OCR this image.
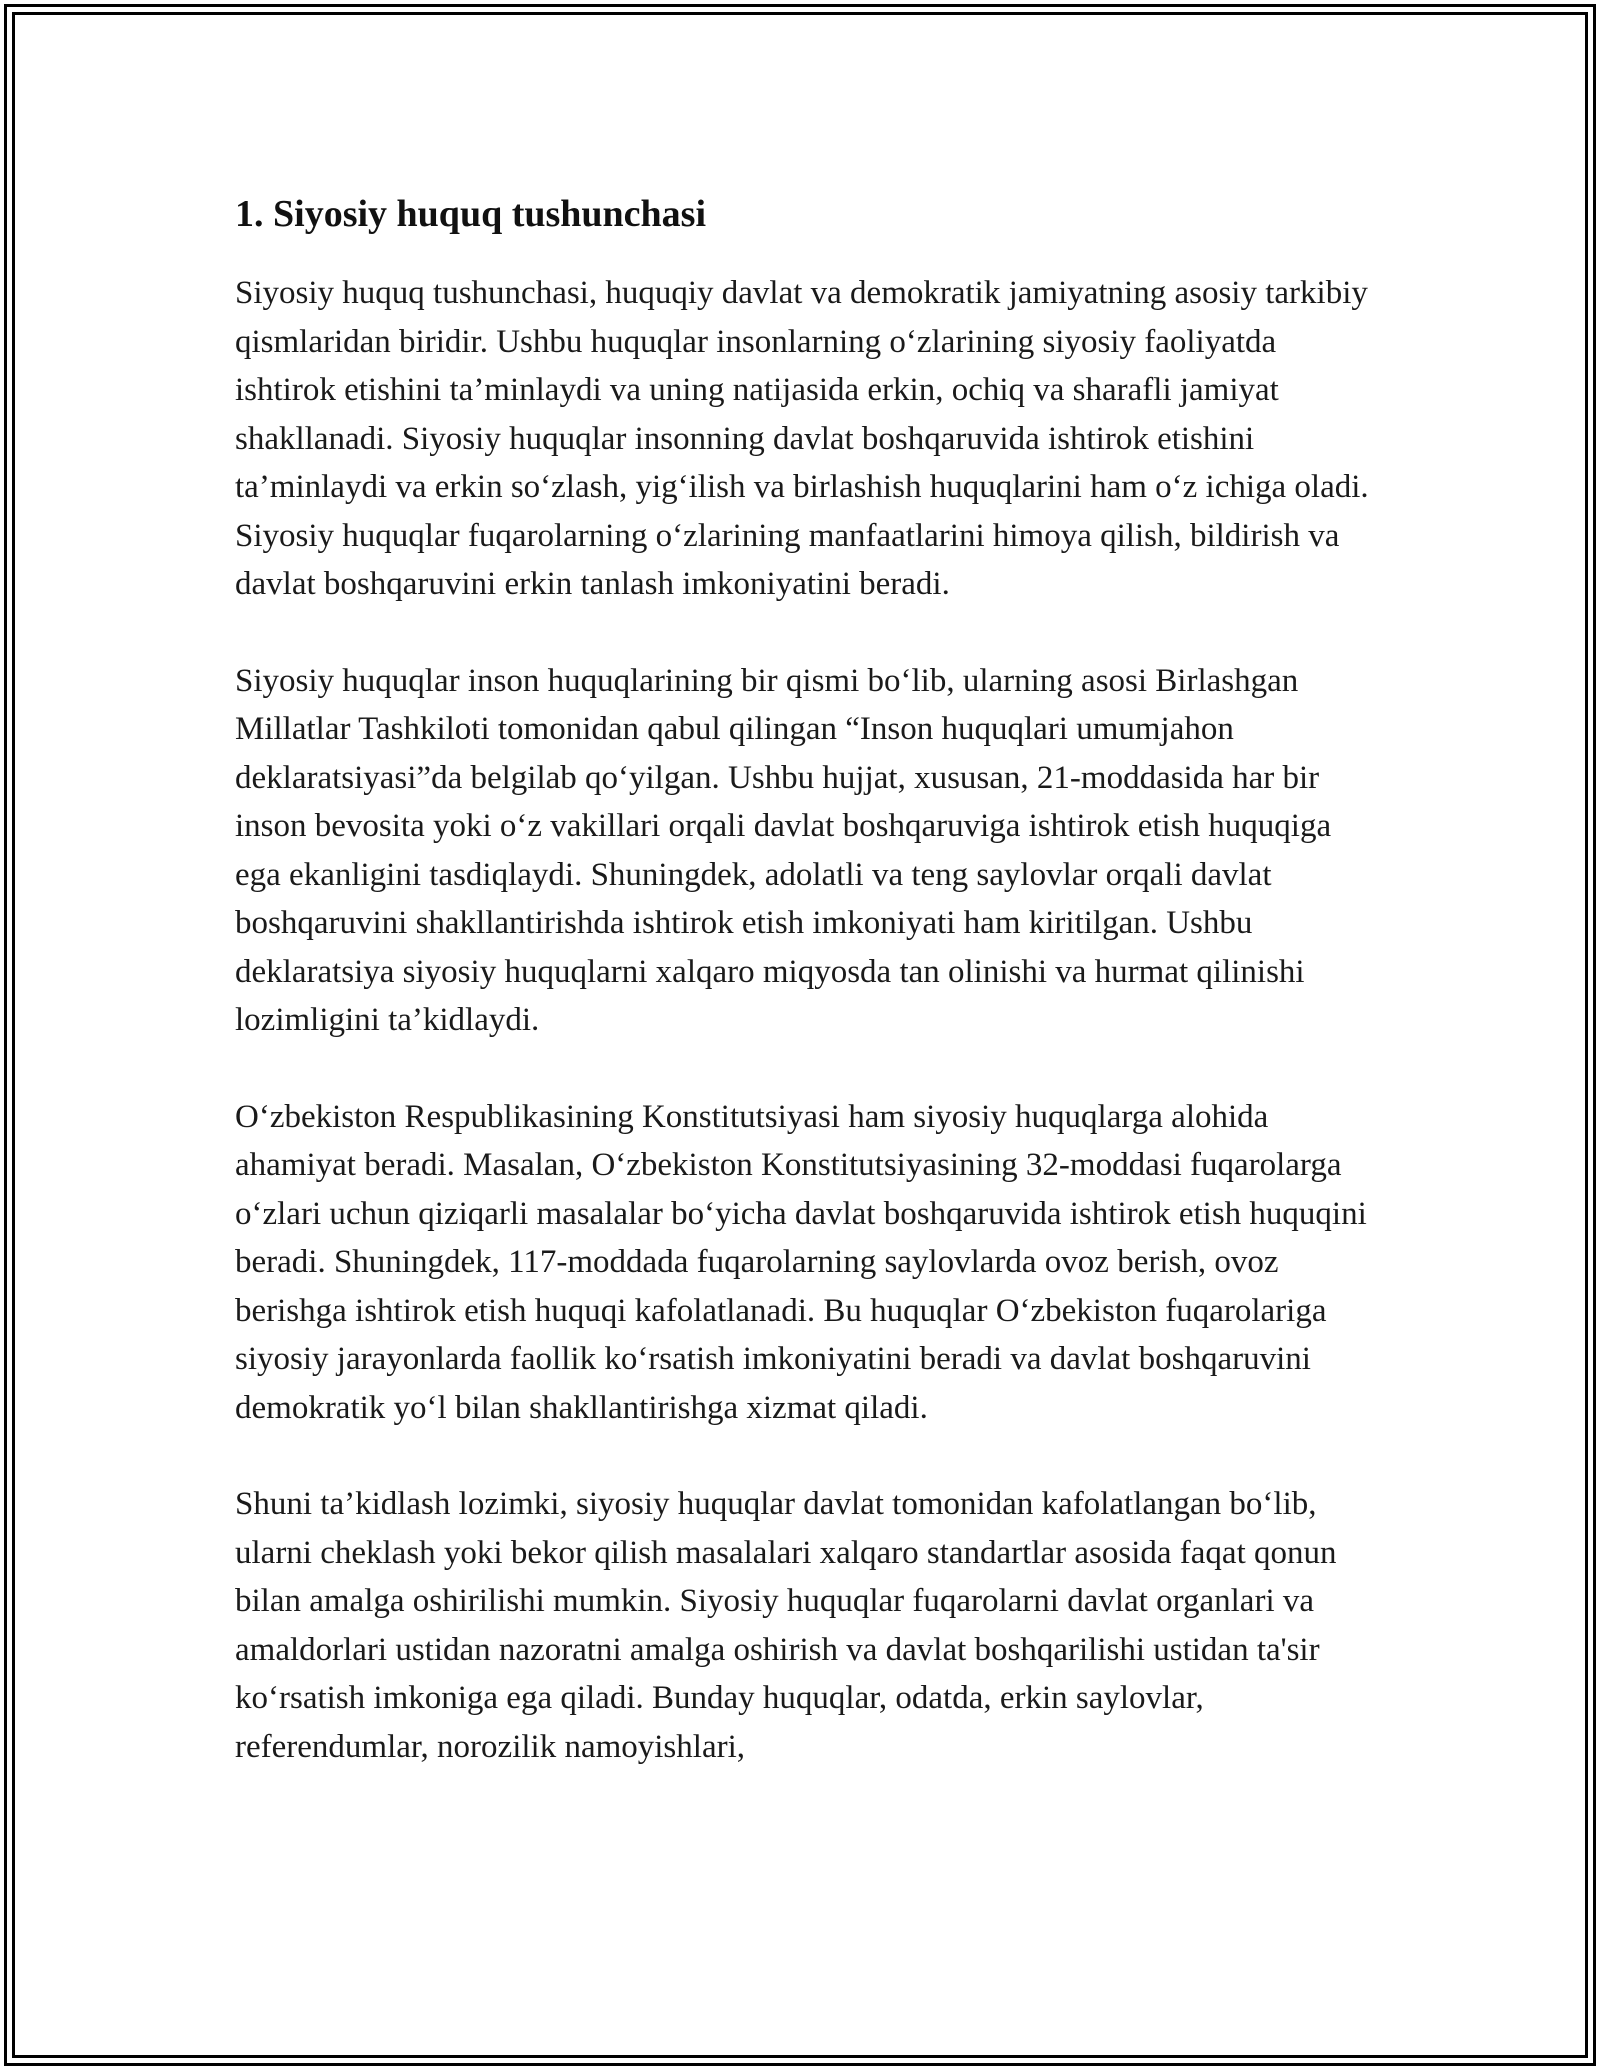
1. Siyosiy huquq tushunchasi

Siyosiy huquq tushunchasi, huquqiy davlat va demokratik jamiyatning asosiy tarkibiy qismlaridan biridir. Ushbu huquqlar insonlarning oʻzlarining siyosiy faoliyatda ishtirok etishini ta’minlaydi va uning natijasida erkin, ochiq va sharafli jamiyat shakllanadi. Siyosiy huquqlar insonning davlat boshqaruvida ishtirok etishini ta’minlaydi va erkin soʻzlash, yigʻilish va birlashish huquqlarini ham oʻz ichiga oladi. Siyosiy huquqlar fuqarolarning oʻzlarining manfaatlarini himoya qilish, bildirish va davlat boshqaruvini erkin tanlash imkoniyatini beradi.

Siyosiy huquqlar inson huquqlarining bir qismi boʻlib, ularning asosi Birlashgan Millatlar Tashkiloti tomonidan qabul qilingan “Inson huquqlari umumjahon deklaratsiyasi”da belgilab qoʻyilgan. Ushbu hujjat, xususan, 21-moddasida har bir inson bevosita yoki oʻz vakillari orqali davlat boshqaruviga ishtirok etish huquqiga ega ekanligini tasdiqlaydi. Shuningdek, adolatli va teng saylovlar orqali davlat boshqaruvini shakllantirishda ishtirok etish imkoniyati ham kiritilgan. Ushbu deklaratsiya siyosiy huquqlarni xalqaro miqyosda tan olinishi va hurmat qilinishi lozimligini ta’kidlaydi.

Oʻzbekiston Respublikasining Konstitutsiyasi ham siyosiy huquqlarga alohida ahamiyat beradi. Masalan, Oʻzbekiston Konstitutsiyasining 32-moddasi fuqarolarga oʻzlari uchun qiziqarli masalalar boʻyicha davlat boshqaruvida ishtirok etish huquqini beradi. Shuningdek, 117-moddada fuqarolarning saylovlarda ovoz berish, ovoz berishga ishtirok etish huquqi kafolatlanadi. Bu huquqlar Oʻzbekiston fuqarolariga siyosiy jarayonlarda faollik koʻrsatish imkoniyatini beradi va davlat boshqaruvini demokratik yoʻl bilan shakllantirishga xizmat qiladi.

Shuni ta’kidlash lozimki, siyosiy huquqlar davlat tomonidan kafolatlangan boʻlib, ularni cheklash yoki bekor qilish masalalari xalqaro standartlar asosida faqat qonun bilan amalga oshirilishi mumkin. Siyosiy huquqlar fuqarolarni davlat organlari va amaldorlari ustidan nazoratni amalga oshirish va davlat boshqarilishi ustidan ta'sir koʻrsatish imkoniga ega qiladi. Bunday huquqlar, odatda, erkin saylovlar, referendumlar, norozilik namoyishlari,
